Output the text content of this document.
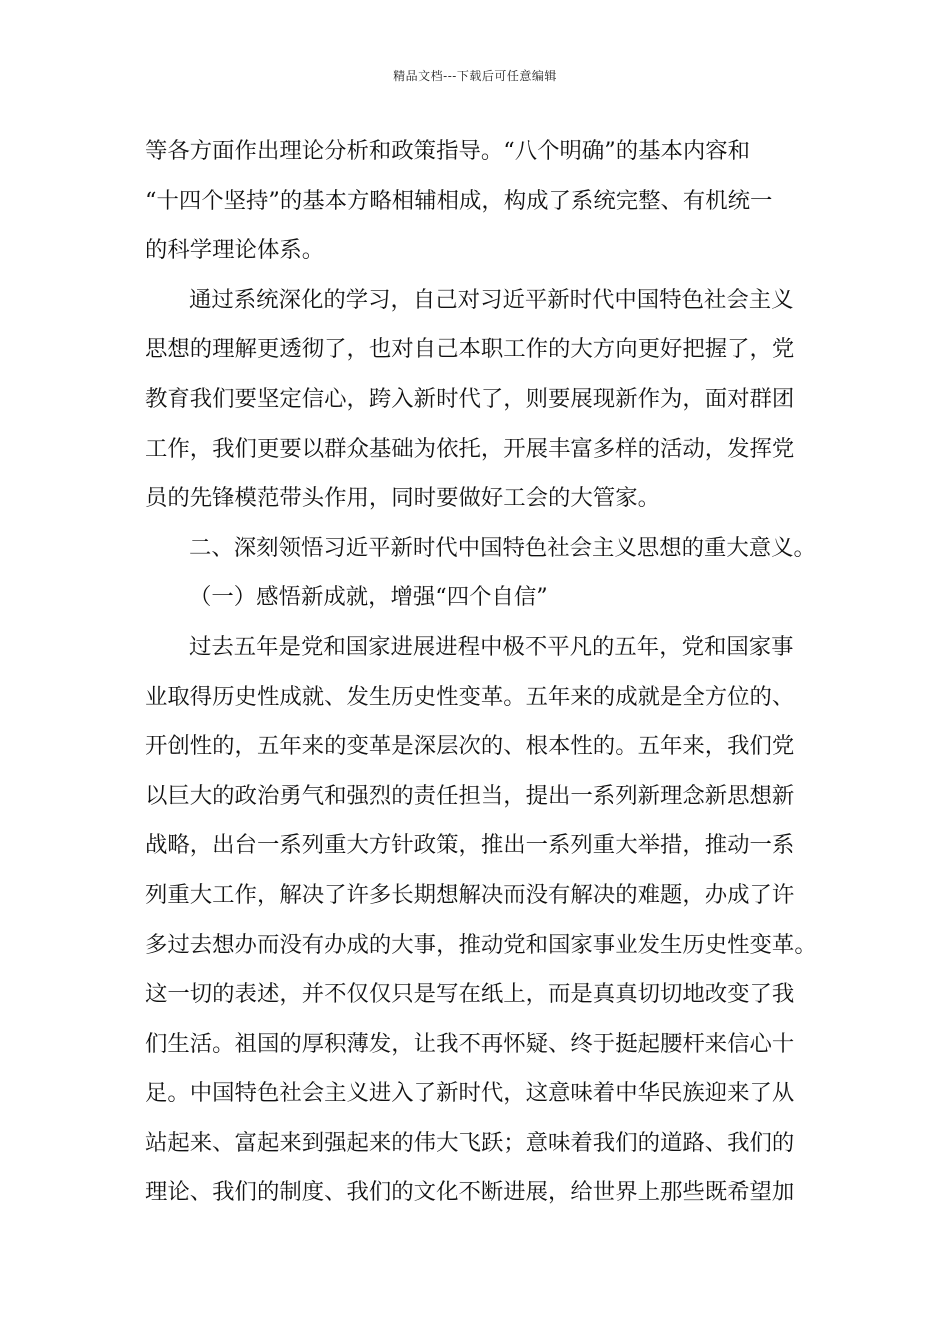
精品文档---下载后可任意编辑
等各方面作出理论分析和政策指导。“八个明确”的基本内容和
“十四个坚持”的基本方略相辅相成，构成了系统完整、有机统一
的科学理论体系。
通过系统深化的学习，自己对习近平新时代中国特色社会主义
思想的理解更透彻了，也对自己本职工作的大方向更好把握了，党
教育我们要坚定信心，跨入新时代了，则要展现新作为，面对群团
工作，我们更要以群众基础为依托，开展丰富多样的活动，发挥党
员的先锋模范带头作用，同时要做好工会的大管家。
二、深刻领悟习近平新时代中国特色社会主义思想的重大意义。
（一）感悟新成就，增强“四个自信”
过去五年是党和国家进展进程中极不平凡的五年，党和国家事
业取得历史性成就、发生历史性变革。五年来的成就是全方位的、
开创性的，五年来的变革是深层次的、根本性的。五年来，我们党
以巨大的政治勇气和强烈的责任担当，提出一系列新理念新思想新
战略，出台一系列重大方针政策，推出一系列重大举措，推动一系
列重大工作，解决了许多长期想解决而没有解决的难题，办成了许
多过去想办而没有办成的大事，推动党和国家事业发生历史性变革。
这一切的表述，并不仅仅只是写在纸上，而是真真切切地改变了我
们生活。祖国的厚积薄发，让我不再怀疑、终于挺起腰杆来信心十
足。中国特色社会主义进入了新时代，这意味着中华民族迎来了从
站起来、富起来到强起来的伟大飞跃；意味着我们的道路、我们的
理论、我们的制度、我们的文化不断进展，给世界上那些既希望加
